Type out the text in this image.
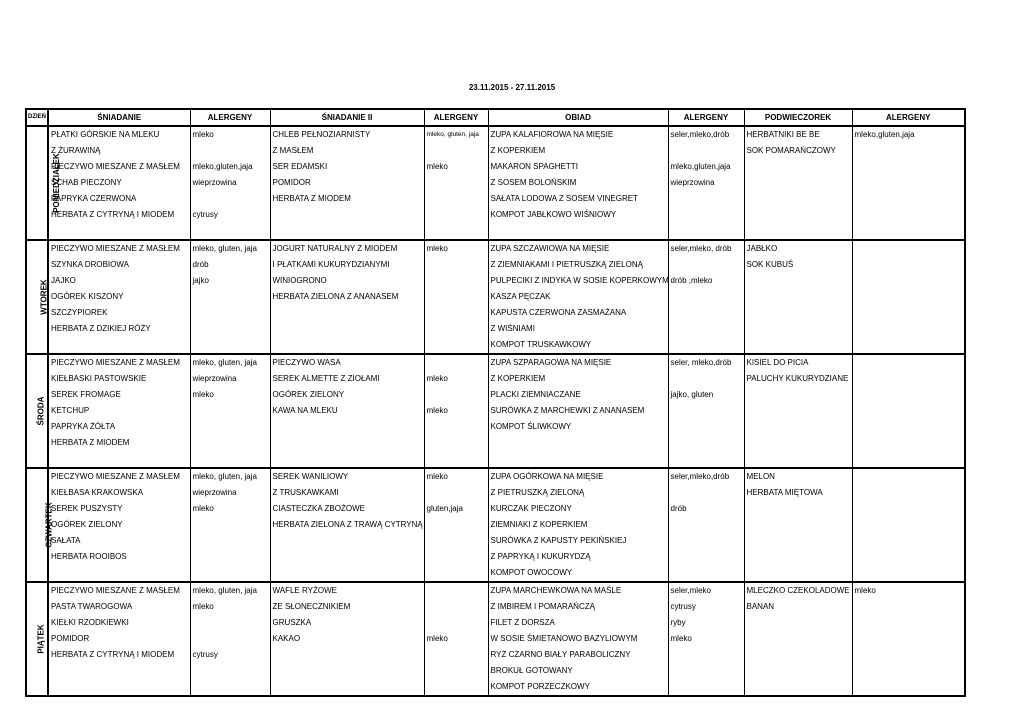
23.11.2015 - 27.11.2015
DZIEŃ	ŚNIADANIE	ALERGENY	ŚNIADANIE II	ALERGENY	OBIAD	ALERGENY	PODWIECZOREK	ALERGENY
PONIEDZIAŁEK	PŁATKI GÓRSKIE NA MLEKU	mleko	CHLEB PEŁNOZIARNISTY	mleko, gluten, jaja	ZUPA KALAFIOROWA NA MIĘSIE	seler,mleko,drób	HERBATNIKI BE BE	mleko,gluten,jaja
	Z ŻURAWINĄ		Z MASŁEM		Z KOPERKIEM		SOK POMARAŃCZOWY	
	PIECZYWO MIESZANE Z MASŁEM	mleko,gluten,jaja	SER EDAMSKI	mleko	MAKARON SPAGHETTI	mleko,gluten,jaja		
	SCHAB PIECZONY	wieprzowina	POMIDOR		Z SOSEM BOLOŃSKIM	wieprzowina		
	PAPRYKA CZERWONA		HERBATA Z MIODEM		SAŁATA LODOWA Z SOSEM VINEGRET			
	HERBATA Z CYTRYNĄ I MIODEM	cytrusy			KOMPOT JABŁKOWO WIŚNIOWY			

WTOREK	PIECZYWO MIESZANE Z MASŁEM	mleko, gluten, jaja	JOGURT NATURALNY Z MIODEM	mleko	ZUPA SZCZAWIOWA NA MIĘSIE	seler,mleko, drób	JABŁKO	
	SZYNKA DROBIOWA	drób	I PŁATKAMI KUKURYDZIANYMI		Z ZIEMNIAKAMI I PIETRUSZKĄ ZIELONĄ		SOK KUBUŚ	
	JAJKO	jajko	WINIOGRONO		PULPECIKI Z INDYKA W SOSIE KOPERKOWYM	drób ,mleko		
	OGÓREK KISZONY		HERBATA ZIELONA Z ANANASEM		KASZA PĘCZAK			
	SZCZYPIOREK				KAPUSTA CZERWONA ZASMAŻANA			
	HERBATA Z DZIKIEJ RÓŻY				Z WIŚNIAMI			
					KOMPOT TRUSKAWKOWY			
ŚRODA	PIECZYWO MIESZANE Z MASŁEM	mleko, gluten, jaja	PIECZYWO WASA		ZUPA SZPARAGOWA NA MIĘSIE	seler, mleko,drób	KISIEL DO PICIA	
	KIEŁBASKI PASTOWSKIE	wieprzowina	SEREK ALMETTE Z ZIOŁAMI	mleko	Z KOPERKIEM		PALUCHY KUKURYDZIANE	
	SEREK FROMAGE	mleko	OGÓREK ZIELONY		PLACKI ZIEMNIACZANE	jajko, gluten		
	KETCHUP		KAWA NA MLEKU	mleko	SURÓWKA Z MARCHEWKI Z ANANASEM			
	PAPRYKA ŻÓŁTA				KOMPOT ŚLIWKOWY			
	HERBATA Z MIODEM							

CZWARTEK	PIECZYWO MIESZANE Z MASŁEM	mleko, gluten, jaja	SEREK WANILIOWY	mleko	ZUPA OGÓRKOWA NA MIĘSIE	seler,mleko,drób	MELON	
	KIEŁBASA KRAKOWSKA	wieprzowina	Z TRUSKAWKAMI		Z PIETRUSZKĄ ZIELONĄ		HERBATA MIĘTOWA	
	SEREK PUSZYSTY	mleko	CIASTECZKA ZBOŻOWE	gluten,jaja	KURCZAK PIECZONY	drób		
	OGÓREK ZIELONY		HERBATA ZIELONA Z TRAWĄ CYTRYNĄ		ZIEMNIAKI Z KOPERKIEM			
	SAŁATA				SURÓWKA Z KAPUSTY PEKIŃSKIEJ			
	HERBATA ROOIBOS				Z PAPRYKĄ I KUKURYDZĄ			
					KOMPOT OWOCOWY			
PIĄTEK	PIECZYWO MIESZANE Z MASŁEM	mleko, gluten, jaja	WAFLE RYŻOWE		ZUPA MARCHEWKOWA NA MAŚLE	seler,mleko	MLECZKO CZEKOLADOWE	mleko
	PASTA TWAROGOWA	mleko	ZE SŁONECZNIKIEM		Z IMBIREM I POMARAŃCZĄ	cytrusy	BANAN	
	KIEŁKI RZODKIEWKI		GRUSZKA		FILET Z DORSZA	ryby		
	POMIDOR		KAKAO	mleko	W SOSIE ŚMIETANOWO BAZYLIOWYM	mleko		
	HERBATA Z CYTRYNĄ I MIODEM	cytrusy			RYŻ CZARNO BIAŁY PARABOLICZNY			
					BROKUŁ GOTOWANY			
					KOMPOT PORZECZKOWY			
